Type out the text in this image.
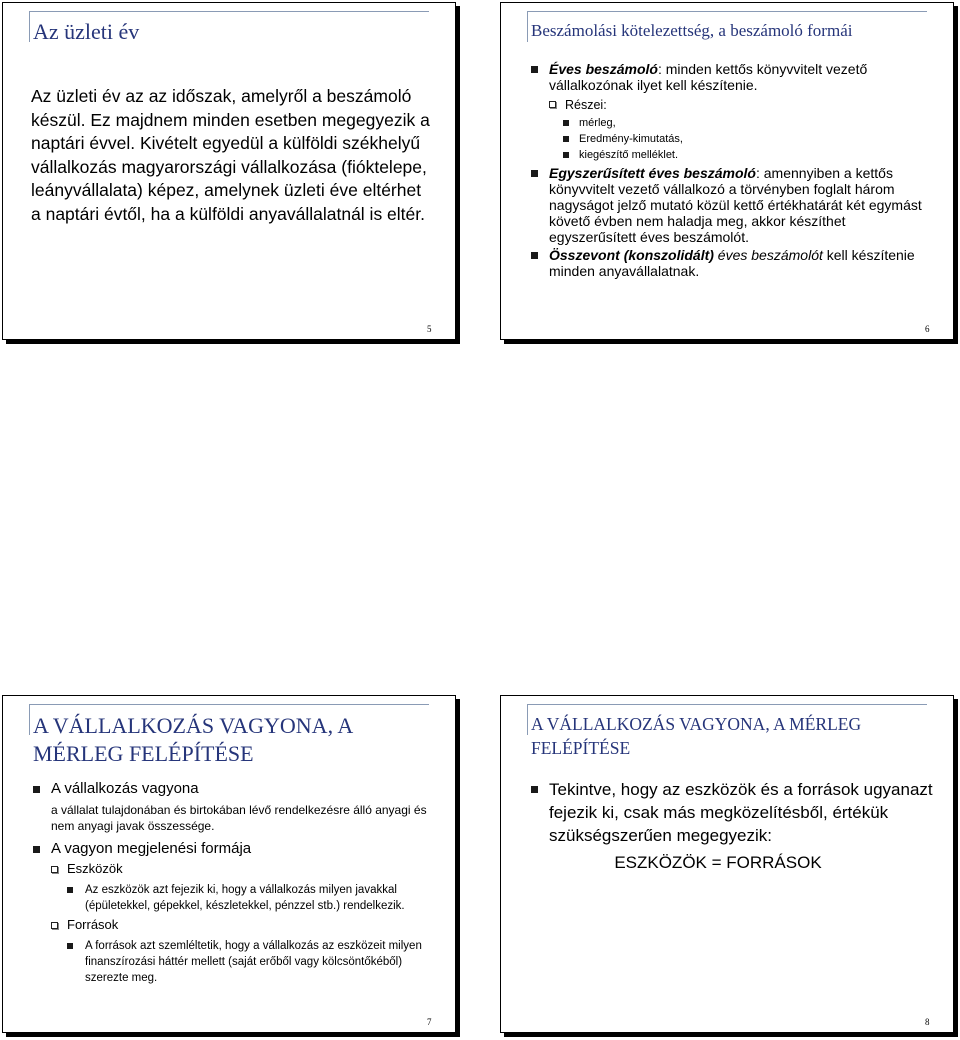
Az üzleti év

Az üzleti év az az időszak, amelyről a beszámoló készül. Ez majdnem minden esetben megegyezik a naptári évvel. Kivételt egyedül a külföldi székhelyű vállalkozás magyarországi vállalkozása (fióktelepe, leányvállalata) képez, amelynek üzleti éve eltérhet a naptári évtől, ha a külföldi anyavállalatnál is eltér.

5
Beszámolási kötelezettség, a beszámoló formái

Éves beszámoló: minden kettős könyvvitelt vezető vállalkozónak ilyet kell készítenie.

Részei:
mérleg,
Eredmény-kimutatás,
kiegészítő melléklet.

Egyszerűsített éves beszámoló: amennyiben a kettős könyvvitelt vezető vállalkozó a törvényben foglalt három nagyságot jelző mutató közül kettő értékhatárát két egymást követő évben nem haladja meg, akkor készíthet egyszerűsített éves beszámolót.

Összevont (konszolidált) éves beszámolót kell készítenie minden anyavállalatnak.

6
A VÁLLALKOZÁS VAGYONA, A MÉRLEG FELÉPÍTÉSE
A vállalkozás vagyona

a vállalat tulajdonában és birtokában lévő rendelkezésre álló anyagi és nem anyagi javak összessége.

A vagyon megjelenési formája
Eszközök
Az eszközök azt fejezik ki, hogy a vállalkozás milyen javakkal (épületekkel, gépekkel, készletekkel, pénzzel stb.) rendelkezik.
Források
A források azt szemléltetik, hogy a vállalkozás az eszközeit milyen finanszírozási háttér mellett (saját erőből vagy kölcsöntőkéből) szerezte meg.
7
A VÁLLALKOZÁS VAGYONA, A MÉRLEG FELÉPÍTÉSE

Tekintve, hogy az eszközök és a források ugyanazt fejezik ki, csak más megközelítésből, értékük szükségszerűen megegyezik:

ESZKÖZÖK = FORRÁSOK

8
